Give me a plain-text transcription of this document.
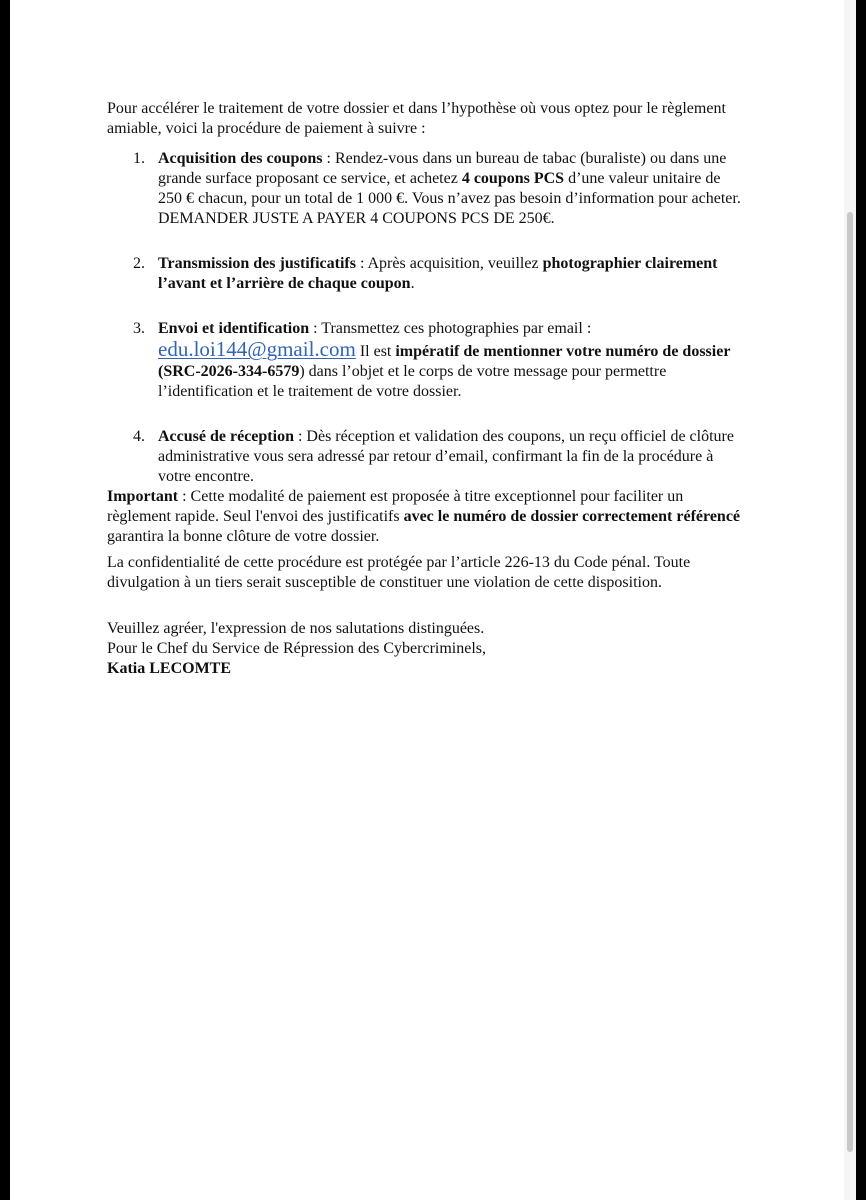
Pour accélérer le traitement de votre dossier et dans l’hypothèse où vous optez pour le règlement amiable, voici la procédure de paiement à suivre :

1. Acquisition des coupons : Rendez-vous dans un bureau de tabac (buraliste) ou dans une grande surface proposant ce service, et achetez 4 coupons PCS d’une valeur unitaire de 250 € chacun, pour un total de 1 000 €. Vous n’avez pas besoin d’information pour acheter. DEMANDER JUSTE A PAYER 4 COUPONS PCS DE 250€.
2. Transmission des justificatifs : Après acquisition, veuillez photographier clairement l’avant et l’arrière de chaque coupon.
3. Envoi et identification : Transmettez ces photographies par email :
edu.loi144@gmail.com Il est impératif de mentionner votre numéro de dossier (SRC-2026-334-6579) dans l’objet et le corps de votre message pour permettre l’identification et le traitement de votre dossier.
4. Accusé de réception : Dès réception et validation des coupons, un reçu officiel de clôture administrative vous sera adressé par retour d’email, confirmant la fin de la procédure à votre encontre.

Important : Cette modalité de paiement est proposée à titre exceptionnel pour faciliter un règlement rapide. Seul l'envoi des justificatifs avec le numéro de dossier correctement référencé garantira la bonne clôture de votre dossier.

La confidentialité de cette procédure est protégée par l’article 226-13 du Code pénal. Toute divulgation à un tiers serait susceptible de constituer une violation de cette disposition.

Veuillez agréer, l'expression de nos salutations distinguées.

Pour le Chef du Service de Répression des Cybercriminels,

Katia LECOMTE
